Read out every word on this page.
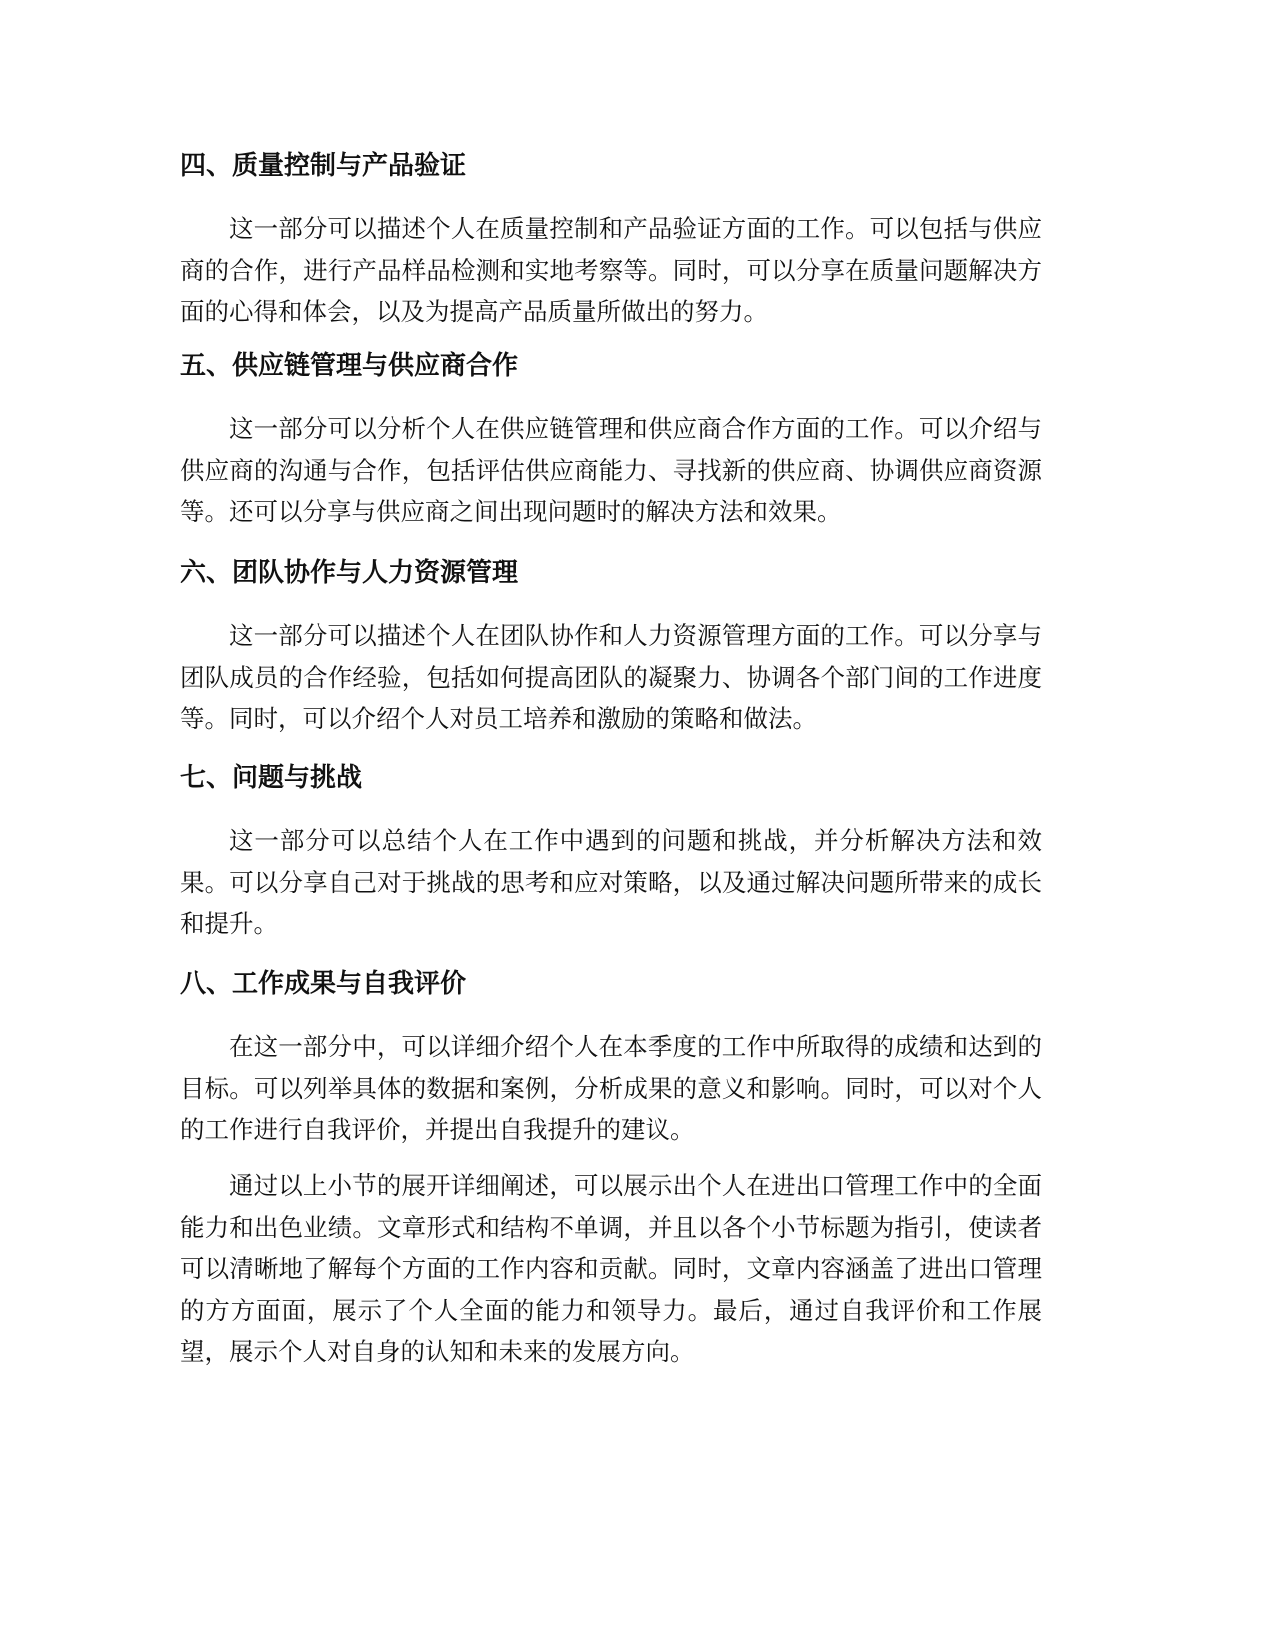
四、质量控制与产品验证

这一部分可以描述个人在质量控制和产品验证方面的工作。可以包括与供应商的合作，进行产品样品检测和实地考察等。同时，可以分享在质量问题解决方面的心得和体会，以及为提高产品质量所做出的努力。

五、供应链管理与供应商合作

这一部分可以分析个人在供应链管理和供应商合作方面的工作。可以介绍与供应商的沟通与合作，包括评估供应商能力、寻找新的供应商、协调供应商资源等。还可以分享与供应商之间出现问题时的解决方法和效果。

六、团队协作与人力资源管理

这一部分可以描述个人在团队协作和人力资源管理方面的工作。可以分享与团队成员的合作经验，包括如何提高团队的凝聚力、协调各个部门间的工作进度等。同时，可以介绍个人对员工培养和激励的策略和做法。

七、问题与挑战

这一部分可以总结个人在工作中遇到的问题和挑战，并分析解决方法和效果。可以分享自己对于挑战的思考和应对策略，以及通过解决问题所带来的成长和提升。

八、工作成果与自我评价

在这一部分中，可以详细介绍个人在本季度的工作中所取得的成绩和达到的目标。可以列举具体的数据和案例，分析成果的意义和影响。同时，可以对个人的工作进行自我评价，并提出自我提升的建议。

通过以上小节的展开详细阐述，可以展示出个人在进出口管理工作中的全面能力和出色业绩。文章形式和结构不单调，并且以各个小节标题为指引，使读者可以清晰地了解每个方面的工作内容和贡献。同时，文章内容涵盖了进出口管理的方方面面，展示了个人全面的能力和领导力。最后，通过自我评价和工作展望，展示个人对自身的认知和未来的发展方向。
